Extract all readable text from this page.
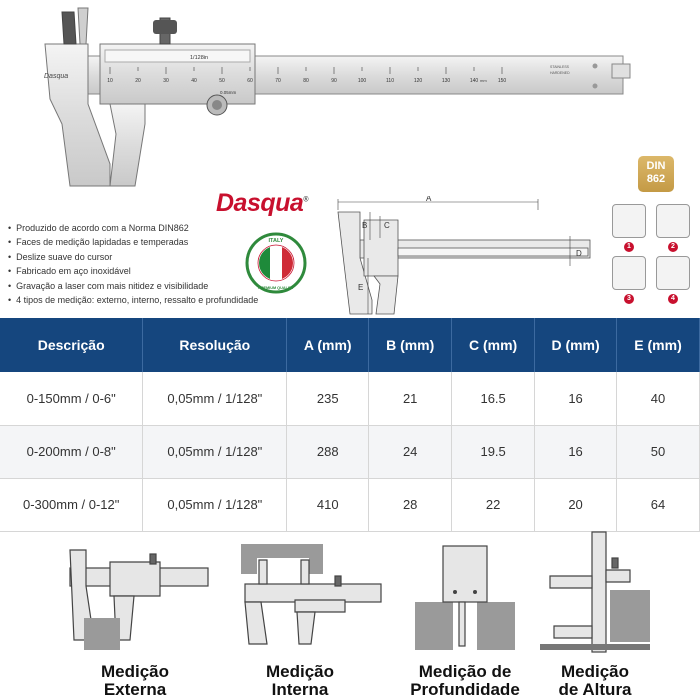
1/128in
Dasqua
0.05mm
STAINLESS
HARDENED
mm
10	20	30	40	50	60	70	80	90	100	110	120	130	140	150
Dasqua®
DIN
862
• Produzido de acordo com a Norma DIN862
• Faces de medição lapidadas e temperadas
• Deslize suave do cursor
• Fabricado em aço inoxidável
• Gravação a laser com mais nitidez e visibilidade
• 4 tipos de medição: externo, interno, ressalto e profundidade
ITALY
PREMIUM QUALITY
A
B C
D
E
1	2
3	4
Descrição	Resolução	A (mm)	B (mm)	C (mm)	D (mm)	E (mm)
0-150mm / 0-6"	0,05mm / 1/128"	235	21	16.5	16	40
0-200mm / 0-8"	0,05mm / 1/128"	288	24	19.5	16	50
0-300mm / 0-12"	0,05mm / 1/128"	410	28	22	20	64
Medição
Externa
Medição
Interna
Medição de
Profundidade
Medição
de Altura
